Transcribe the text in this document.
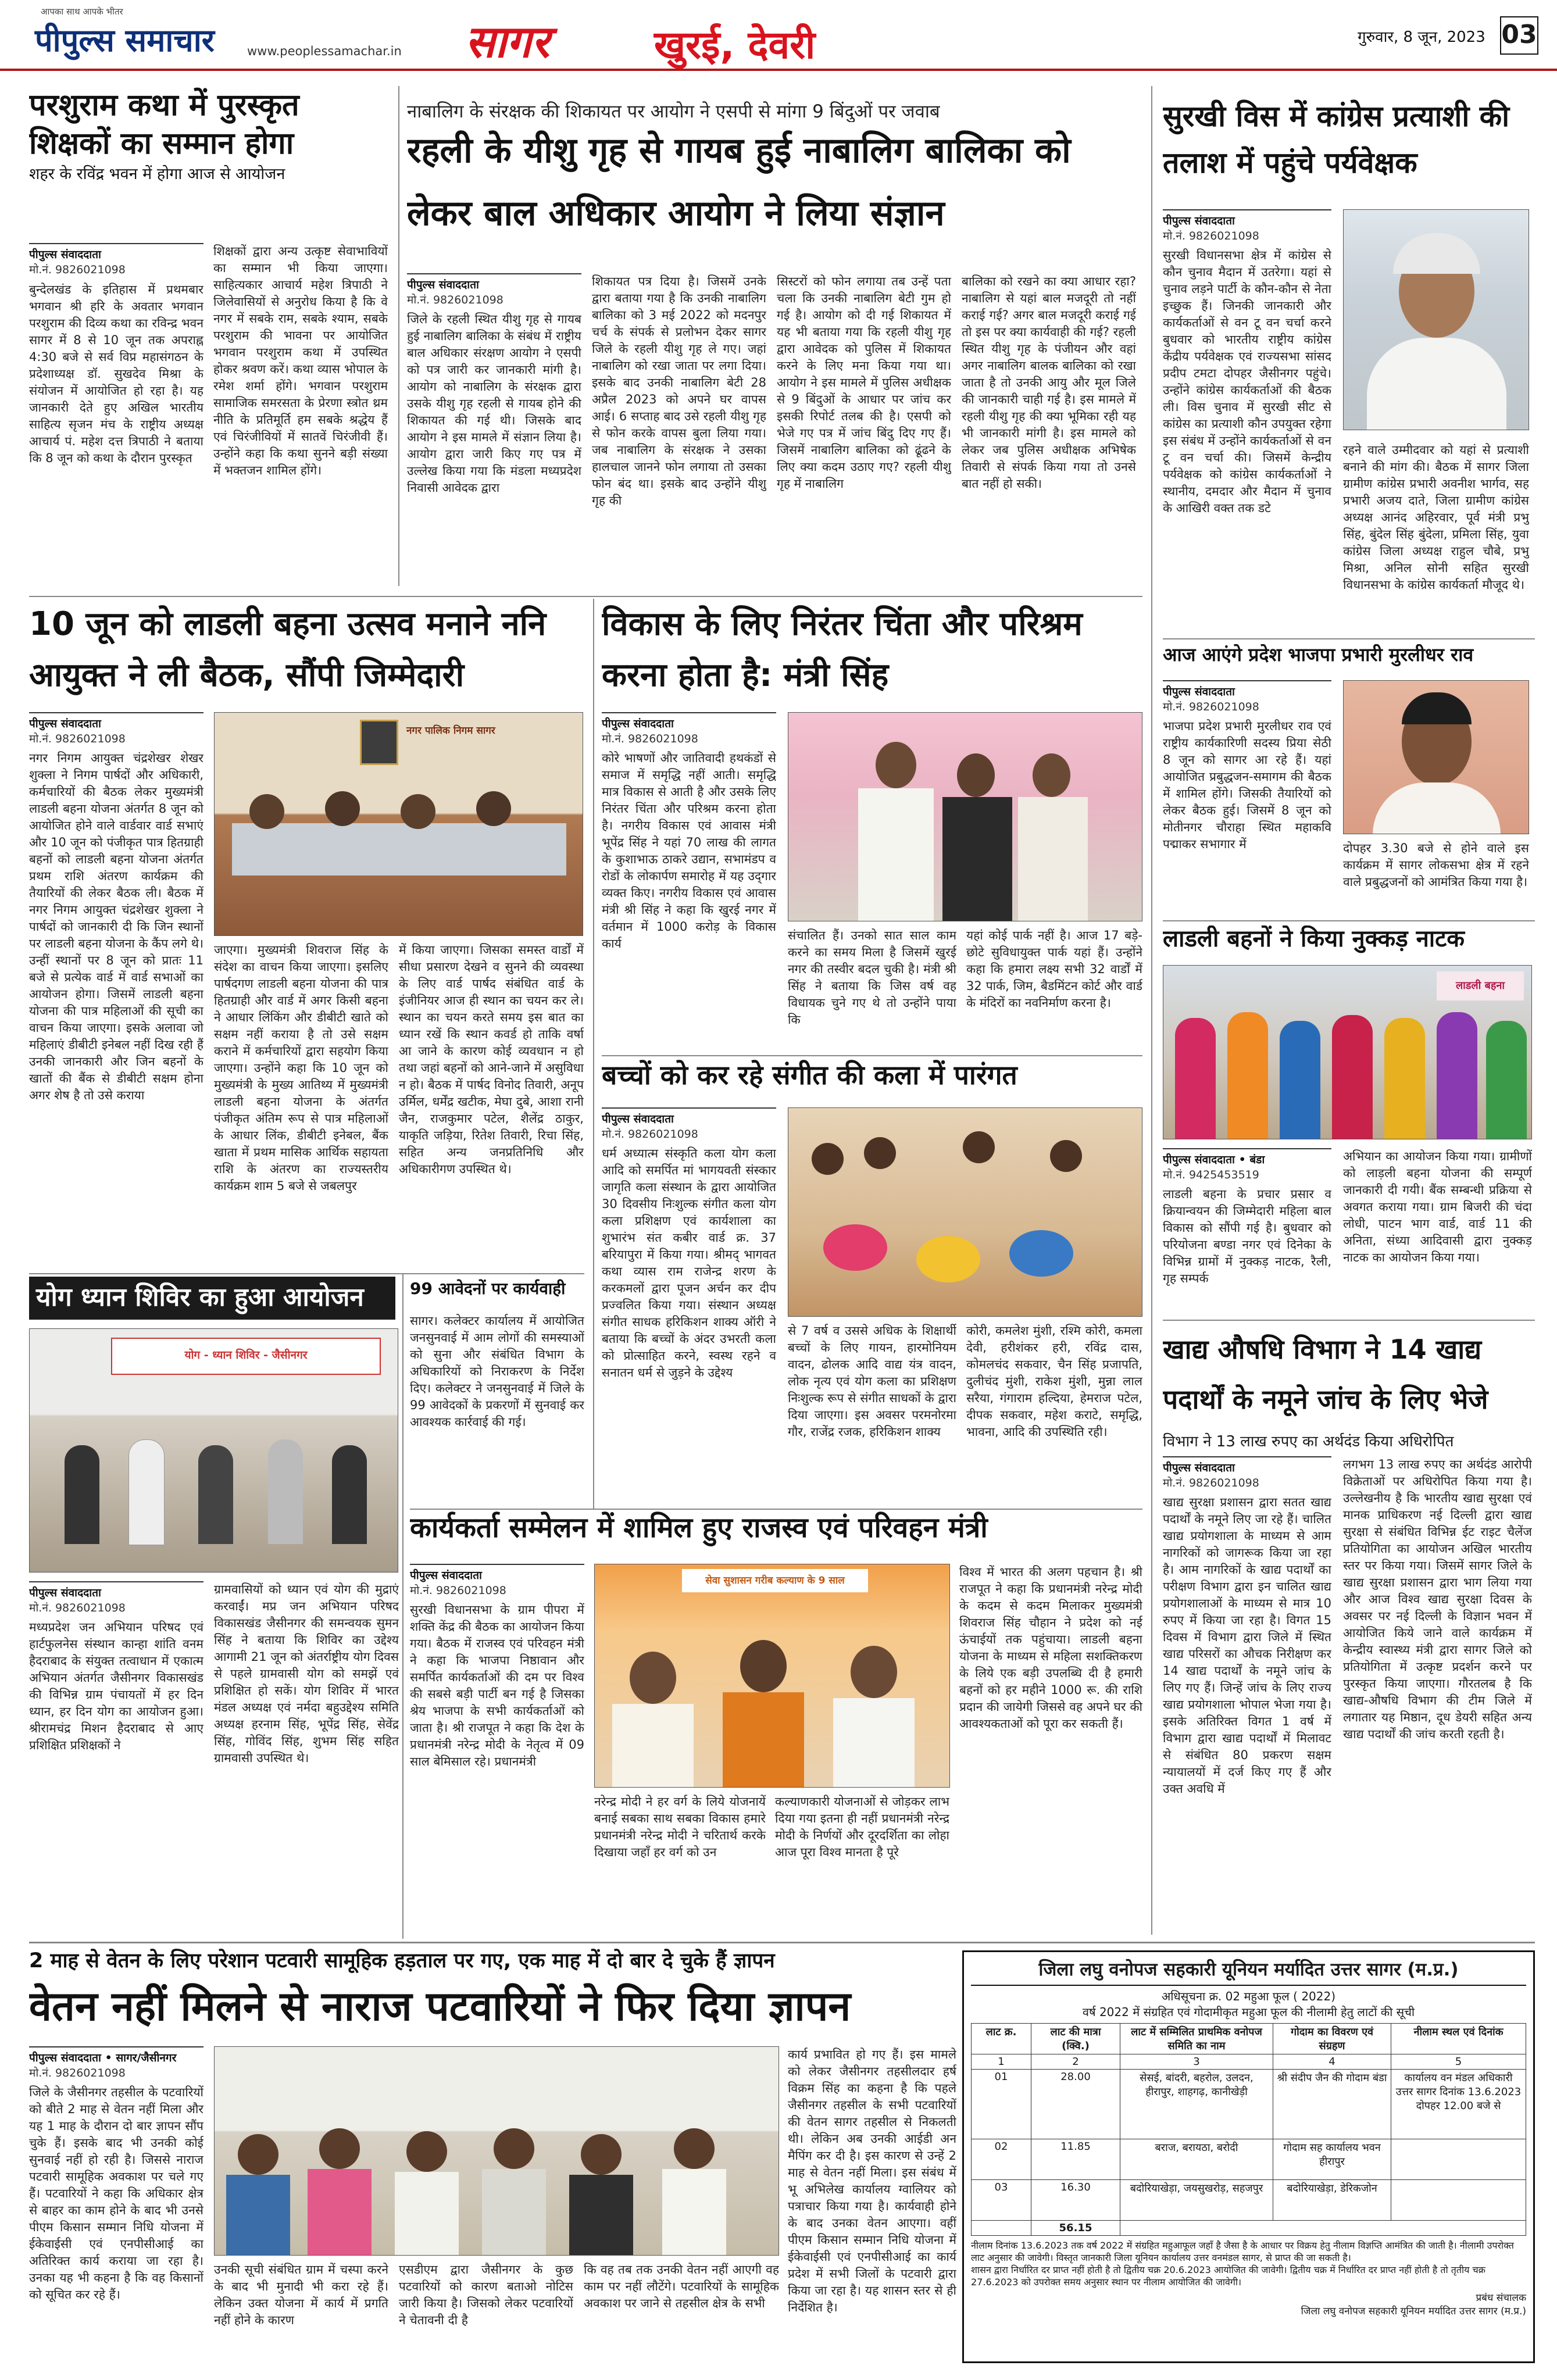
आपका साथ आपके भीतर
पीपुल्स समाचार	www.peoplessamachar.in सागर	खुरई, देवरी	गुरुवार, 8 जून, 2023 03
परशुराम कथा में पुरस्कृत शिक्षकों का सम्मान होगा
शहर के रविंद्र भवन में होगा आज से आयोजन
पीपुल्स संवाददाता
मो.नं. 9826021098

बुन्देलखंड के इतिहास में प्रथमबार भगवान श्री हरि के अवतार भगवान परशुराम की दिव्य कथा का रविन्द्र भवन सागर में 8 से 10 जून तक अपराह्न 4:30 बजे से सर्व विप्र महासंगठन के प्रदेशाध्यक्ष डॉ. सुखदेव मिश्रा के संयोजन में आयोजित हो रहा है। यह जानकारी देते हुए अखिल भारतीय साहित्य सृजन मंच के राष्ट्रीय अध्यक्ष आचार्य पं. महेश दत्त त्रिपाठी ने बताया कि 8 जून को कथा के दौरान पुरस्कृत

शिक्षकों द्वारा अन्य उत्कृष्ट सेवाभावियों का सम्मान भी किया जाएगा। साहित्यकार आचार्य महेश त्रिपाठी ने जिलेवासियों से अनुरोध किया है कि वे नगर में सबके राम, सबके श्याम, सबके परशुराम की भावना पर आयोजित भगवान परशुराम कथा में उपस्थित होकर श्रवण करें। कथा व्यास भोपाल के रमेश शर्मा होंगे। भगवान परशुराम सामाजिक समरसता के प्रेरणा स्त्रोत थ्रम नीति के प्रतिमूर्ति हम सबके श्रद्धेय हैं एवं चिरंजीवियों में सातवें चिरंजीवी हैं। उन्होंने कहा कि कथा सुनने बड़ी संख्या में भक्तजन शामिल होंगे।

नाबालिग के संरक्षक की शिकायत पर आयोग ने एसपी से मांगा 9 बिंदुओं पर जवाब
रहली के यीशु गृह से गायब हुई नाबालिग बालिका को लेकर बाल अधिकार आयोग ने लिया संज्ञान
पीपुल्स संवाददाता
मो.नं. 9826021098

जिले के रहली स्थित यीशु गृह से गायब हुई नाबालिग बालिका के संबंध में राष्ट्रीय बाल अधिकार संरक्षण आयोग ने एसपी को पत्र जारी कर जानकारी मांगी है। आयोग को नाबालिग के संरक्षक द्वारा उसके यीशु गृह रहली से गायब होने की शिकायत की गई थी। जिसके बाद आयोग ने इस मामले में संज्ञान लिया है। आयोग द्वारा जारी किए गए पत्र में उल्लेख किया गया कि मंडला मध्यप्रदेश निवासी आवेदक द्वारा

शिकायत पत्र दिया है। जिसमें उनके द्वारा बताया गया है कि उनकी नाबालिग बालिका को 3 मई 2022 को मदनपुर चर्च के संपर्क से प्रलोभन देकर सागर जिले के रहली यीशु गृह ले गए। जहां नाबालिग को रखा जाता पर लगा दिया। इसके बाद उनकी नाबालिग बेटी 28 अप्रैल 2023 को अपने घर वापस आई। 6 सप्ताह बाद उसे रहली यीशु गृह से फोन करके वापस बुला लिया गया। जब नाबालिग के संरक्षक ने उसका हालचाल जानने फोन लगाया तो उसका फोन बंद था। इसके बाद उन्होंने यीशु गृह की

सिस्टरों को फोन लगाया तब उन्हें पता चला कि उनकी नाबालिग बेटी गुम हो गई है। आयोग को दी गई शिकायत में यह भी बताया गया कि रहली यीशु गृह द्वारा आवेदक को पुलिस में शिकायत करने के लिए मना किया गया था। आयोग ने इस मामले में पुलिस अधीक्षक से 9 बिंदुओं के आधार पर जांच कर इसकी रिपोर्ट तलब की है। एसपी को भेजे गए पत्र में जांच बिंदु दिए गए हैं। जिसमें नाबालिग बालिका को ढूंढने के लिए क्या कदम उठाए गए? रहली यीशु गृह में नाबालिग

बालिका को रखने का क्या आधार रहा? नाबालिग से यहां बाल मजदूरी तो नहीं कराई गई? अगर बाल मजदूरी कराई गई तो इस पर क्या कार्यवाही की गई? रहली स्थित यीशु गृह के पंजीयन और वहां अगर नाबालिग बालक बालिका को रखा जाता है तो उनकी आयु और मूल जिले की जानकारी चाही गई है। इस मामले में रहली यीशु गृह की क्या भूमिका रही यह भी जानकारी मांगी है। इस मामले को लेकर जब पुलिस अधीक्षक अभिषेक तिवारी से संपर्क किया गया तो उनसे बात नहीं हो सकी।

सुरखी विस में कांग्रेस प्रत्याशी की तलाश में पहुंचे पर्यवेक्षक
पीपुल्स संवाददाता
मो.नं. 9826021098

सुरखी विधानसभा क्षेत्र में कांग्रेस से कौन चुनाव मैदान में उतरेगा। यहां से चुनाव लड़ने पार्टी के कौन-कौन से नेता इच्छुक हैं। जिनकी जानकारी और कार्यकर्ताओं से वन टू वन चर्चा करने बुधवार को भारतीय राष्ट्रीय कांग्रेस केंद्रीय पर्यवेक्षक एवं राज्यसभा सांसद प्रदीप टमटा दोपहर जैसीनगर पहुंचे। उन्होंने कांग्रेस कार्यकर्ताओं की बैठक ली। विस चुनाव में सुरखी सीट से कांग्रेस का प्रत्याशी कौन उपयुक्त रहेगा इस संबंध में उन्होंने कार्यकर्ताओं से वन टू वन चर्चा की। जिसमें केन्द्रीय पर्यवेक्षक को कांग्रेस कार्यकर्ताओं ने स्थानीय, दमदार और मैदान में चुनाव के आखिरी वक्त तक डटे

रहने वाले उम्मीदवार को यहां से प्रत्याशी बनाने की मांग की। बैठक में सागर जिला ग्रामीण कांग्रेस प्रभारी अवनीश भार्गव, सह प्रभारी अजय दाते, जिला ग्रामीण कांग्रेस अध्यक्ष आनंद अहिरवार, पूर्व मंत्री प्रभु सिंह, बुंदेल सिंह बुंदेला, प्रमिला सिंह, युवा कांग्रेस जिला अध्यक्ष राहुल चौबे, प्रभु मिश्रा, अनिल सोनी सहित सुरखी विधानसभा के कांग्रेस कार्यकर्ता मौजूद थे।

आज आएंगे प्रदेश भाजपा प्रभारी मुरलीधर राव
पीपुल्स संवाददाता
मो.नं. 9826021098

भाजपा प्रदेश प्रभारी मुरलीधर राव एवं राष्ट्रीय कार्यकारिणी सदस्य प्रिया सेठी 8 जून को सागर आ रहे हैं। यहां आयोजित प्रबुद्धजन-समागम की बैठक में शामिल होंगे। जिसकी तैयारियों को लेकर बैठक हुई। जिसमें 8 जून को मोतीनगर चौराहा स्थित महाकवि पद्माकर सभागार में	दोपहर 3.30 बजे से होने वाले इस कार्यक्रम में सागर लोकसभा क्षेत्र में रहने वाले प्रबुद्धजनों को आमंत्रित किया गया है।

10 जून को लाडली बहना उत्सव मनाने ननि आयुक्त ने ली बैठक, सौंपी जिम्मेदारी
पीपुल्स संवाददाता
मो.नं. 9826021098

नगर निगम आयुक्त चंद्रशेखर शेखर शुक्ला ने निगम पार्षदों और अधिकारी, कर्मचारियों की बैठक लेकर मुख्यमंत्री लाडली बहना योजना अंतर्गत 8 जून को आयोजित होने वाले वार्डवार वार्ड सभाएं और 10 जून को पंजीकृत पात्र हितग्राही बहनों को लाडली बहना योजना अंतर्गत प्रथम राशि अंतरण कार्यक्रम की तैयारियों की लेकर बैठक ली। बैठक में नगर निगम आयुक्त चंद्रशेखर शुक्ला ने पार्षदों को जानकारी दी कि जिन स्थानों पर लाडली बहना योजना के कैंप लगे थे। उन्हीं स्थानों पर 8 जून को प्रातः 11 बजे से प्रत्येक वार्ड में वार्ड सभाओं का आयोजन होगा। जिसमें लाडली बहना योजना की पात्र महिलाओं की सूची का वाचन किया जाएगा। इसके अलावा जो महिलाएं डीबीटी इनेबल नहीं दिख रही हैं उनकी जानकारी और जिन बहनों के खातों की बैंक से डीबीटी सक्षम होना अगर शेष है तो उसे कराया

नगर पालिक निगम सागर

जाएगा। मुख्यमंत्री शिवराज सिंह के संदेश का वाचन किया जाएगा। इसलिए पार्षदगण लाडली बहना योजना की पात्र हितग्राही और वार्ड में अगर किसी बहना ने आधार लिंकिंग और डीबीटी खाते को सक्षम नहीं कराया है तो उसे सक्षम कराने में कर्मचारियों द्वारा सहयोग किया जाएगा। उन्होंने कहा कि 10 जून को मुख्यमंत्री के मुख्य आतिथ्य में मुख्यमंत्री लाडली बहना योजना के अंतर्गत पंजीकृत अंतिम रूप से पात्र महिलाओं के आधार लिंक, डीबीटी इनेबल, बैंक खाता में प्रथम मासिक आर्थिक सहायता राशि के अंतरण का राज्यस्तरीय कार्यक्रम शाम 5 बजे से जबलपुर

में किया जाएगा। जिसका समस्त वार्डों में सीधा प्रसारण देखने व सुनने की व्यवस्था के लिए वार्ड पार्षद संबंधित वार्ड के इंजीनियर आज ही स्थान का चयन कर ले। स्थान का चयन करते समय इस बात का ध्यान रखें कि स्थान कवर्ड हो ताकि वर्षा आ जाने के कारण कोई व्यवधान न हो तथा जहां बहनों को आने-जाने में असुविधा न हो। बैठक में पार्षद विनोद तिवारी, अनूप उर्मिल, धर्मेंद्र खटीक, मेघा दुबे, आशा रानी जैन, राजकुमार पटेल, शैलेंद्र ठाकुर, याकृति जड़िया, रितेश तिवारी, रिचा सिंह, सहित अन्य जनप्रतिनिधि और अधिकारीगण उपस्थित थे।

विकास के लिए निरंतर चिंता और परिश्रम करना होता है: मंत्री सिंह
पीपुल्स संवाददाता
मो.नं. 9826021098

कोरे भाषणों और जातिवादी हथकंडों से समाज में समृद्धि नहीं आती। समृद्धि मात्र विकास से आती है और उसके लिए निरंतर चिंता और परिश्रम करना होता है। नगरीय विकास एवं आवास मंत्री भूपेंद्र सिंह ने यहां 70 लाख की लागत के कुशाभाऊ ठाकरे उद्यान, सभामंडप व रोडों के लोकार्पण समारोह में यह उद्‌गार व्यक्त किए। नगरीय विकास एवं आवास मंत्री श्री सिंह ने कहा कि खुरई नगर में वर्तमान में 1000 करोड़ के विकास कार्य

संचालित हैं। उनको सात साल काम करने का समय मिला है जिसमें खुरई नगर की तस्वीर बदल चुकी है। मंत्री श्री सिंह ने बताया कि जिस वर्ष वह विधायक चुने गए थे तो उन्होंने पाया कि

यहां कोई पार्क नहीं है। आज 17 बड़े-छोटे सुविधायुक्त पार्क यहां हैं। उन्होंने कहा कि हमारा लक्ष्य सभी 32 वार्डों में 32 पार्क, जिम, बैडमिंटन कोर्ट और वार्ड के मंदिरों का नवनिर्माण करना है।

लाडली बहनों ने किया नुक्कड़ नाटक
लाडली बहना
पीपुल्स संवाददाता • बंडा
मो.नं. 9425453519

लाडली बहना के प्रचार प्रसार व क्रियान्वयन की जिम्मेदारी महिला बाल विकास को सौंपी गई है। बुधवार को परियोजना बण्डा नगर एवं दिनेका के विभिन्न ग्रामों में नुक्कड़ नाटक, रैली, गृह सम्पर्क

अभियान का आयोजन किया गया। ग्रामीणों को लाड़ली बहना योजना की सम्पूर्ण जानकारी दी गयी। बैंक सम्बन्धी प्रक्रिया से अवगत कराया गया। ग्राम बिजरी की चंदा लोधी, पाटन भाग वार्ड, वार्ड 11 की अनिता, संध्या आदिवासी द्वारा नुक्कड़ नाटक का आयोजन किया गया।

बच्चों को कर रहे संगीत की कला में पारंगत
पीपुल्स संवाददाता
मो.नं. 9826021098

धर्म अध्यात्म संस्कृति कला योग कला आदि को समर्पित मां भागयवती संस्कार जागृति कला संस्थान के द्वारा आयोजित 30 दिवसीय निःशुल्क संगीत कला योग कला प्रशिक्षण एवं कार्यशाला का शुभारंभ संत कबीर वार्ड क्र. 37 बरियापुरा में किया गया। श्रीमद् भागवत कथा व्यास राम राजेन्द्र शरण के करकमलों द्वारा पूजन अर्चन कर दीप प्रज्वलित किया गया। संस्थान अध्यक्ष संगीत साधक हरिकिशन शाक्य ऑरी ने बताया कि बच्चों के अंदर उभरती कला को प्रोत्साहित करने, स्वस्थ रहने व सनातन धर्म से जुड़ने के उद्देश्य

से 7 वर्ष व उससे अधिक के शिक्षार्थी बच्चों के लिए गायन, हारमोनियम वादन, ढोलक आदि वाद्य यंत्र वादन, लोक नृत्य एवं योग कला का प्रशिक्षण निःशुल्क रूप से संगीत साधकों के द्वारा दिया जाएगा। इस अवसर परमनोरमा गौर, राजेंद्र रजक, हरिकिशन शाक्य

कोरी, कमलेश मुंशी, रश्मि कोरी, कमला देवी, हरीशंकर हरी, रविंद्र दास, कोमलचंद सकवार, चैन सिंह प्रजापति, दुलीचंद मुंशी, राकेश मुंशी, मुन्ना लाल सरैया, गंगाराम हल्दिया, हेमराज पटेल, दीपक सकवार, महेश कराटे, समृद्धि, भावना, आदि की उपस्थिति रही।

योग ध्यान शिविर का हुआ आयोजन
योग - ध्यान शिविर - जैसीनगर
पीपुल्स संवाददाता
मो.नं. 9826021098

मध्यप्रदेश जन अभियान परिषद एवं हार्टफुलनेस संस्थान कान्हा शांति वनम हैदराबाद के संयुक्त तत्वाधान में एकात्म अभियान अंतर्गत जैसीनगर विकासखंड की विभिन्न ग्राम पंचायतों में हर दिन ध्यान, हर दिन योग का आयोजन हुआ। श्रीरामचंद्र मिशन हैदराबाद से आए प्रशिक्षित प्रशिक्षकों ने

ग्रामवासियों को ध्यान एवं योग की मुद्राएं करवाईं। मप्र जन अभियान परिषद विकासखंड जैसीनगर की समन्वयक सुमन सिंह ने बताया कि शिविर का उद्देश्य आगामी 21 जून को अंतर्राष्ट्रीय योग दिवस से पहले ग्रामवासी योग को समझें एवं प्रशिक्षित हो सकें। योग शिविर में भारत मंडल अध्यक्ष एवं नर्मदा बहुउद्देश्य समिति अध्यक्ष हरनाम सिंह, भूपेंद्र सिंह, सेवेंद्र सिंह, गोविंद सिंह, शुभम सिंह सहित ग्रामवासी उपस्थित थे।

99 आवेदनों पर कार्यवाही

सागर। कलेक्टर कार्यालय में आयोजित जनसुनवाई में आम लोगों की समस्याओं को सुना और संबंधित विभाग के अधिकारियों को निराकरण के निर्देश दिए। कलेक्टर ने जनसुनवाई में जिले के 99 आवेदकों के प्रकरणों में सुनवाई कर आवश्यक कार्रवाई की गई।

कार्यकर्ता सम्मेलन में शामिल हुए राजस्व एवं परिवहन मंत्री
पीपुल्स संवाददाता
मो.नं. 9826021098

सुरखी विधानसभा के ग्राम पीपरा में शक्ति केंद्र की बैठक का आयोजन किया गया। बैठक में राजस्व एवं परिवहन मंत्री ने कहा कि भाजपा निष्ठावान और समर्पित कार्यकर्ताओं की दम पर विश्व की सबसे बड़ी पार्टी बन गई है जिसका श्रेय भाजपा के सभी कार्यकर्ताओं को जाता है। श्री राजपूत ने कहा कि देश के प्रधानमंत्री नरेन्द्र मोदी के नेतृत्व में 09 साल बेमिसाल रहे। प्रधानमंत्री

सेवा सुशासन गरीब कल्याण के 9 साल

नरेन्द्र मोदी ने हर वर्ग के लिये योजनायें बनाई सबका साथ सबका विकास हमारे प्रधानमंत्री नरेन्द्र मोदी ने चरितार्थ करके दिखाया जहाँ हर वर्ग को उन

कल्याणकारी योजनाओं से जोड़कर लाभ दिया गया इतना ही नहीं प्रधानमंत्री नरेन्द्र मोदी के निर्णयों और दूरदर्शिता का लोहा आज पूरा विश्व मानता है पूरे

विश्व में भारत की अलग पहचान है। श्री राजपूत ने कहा कि प्रधानमंत्री नरेन्द्र मोदी के कदम से कदम मिलाकर मुख्यमंत्री शिवराज सिंह चौहान ने प्रदेश को नई ऊंचाईयों तक पहुंचाया। लाडली बहना योजना के माध्यम से महिला सशक्तिकरण के लिये एक बड़ी उपलब्धि दी है हमारी बहनों को हर महीने 1000 रू. की राशि प्रदान की जायेगी जिससे वह अपने घर की आवश्यकताओं को पूरा कर सकती हैं।

खाद्य औषधि विभाग ने 14 खाद्य पदार्थों के नमूने जांच के लिए भेजे
विभाग ने 13 लाख रुपए का अर्थदंड किया अधिरोपित
पीपुल्स संवाददाता
मो.नं. 9826021098

खाद्य सुरक्षा प्रशासन द्वारा सतत खाद्य पदार्थों के नमूने लिए जा रहे हैं। चालित खाद्य प्रयोगशाला के माध्यम से आम नागरिकों को जागरूक किया जा रहा है। आम नागरिकों के खाद्य पदार्थों का परीक्षण विभाग द्वारा इन चालित खाद्य प्रयोगशालाओं के माध्यम से मात्र 10 रुपए में किया जा रहा है। विगत 15 दिवस में विभाग द्वारा जिले में स्थित खाद्य परिसरों का औचक निरीक्षण कर 14 खाद्य पदार्थों के नमूने जांच के लिए गए हैं। जिन्हें जांच के लिए राज्य खाद्य प्रयोगशाला भोपाल भेजा गया है। इसके अतिरिक्त विगत 1 वर्ष में विभाग द्वारा खाद्य पदार्थों में मिलावट से संबंधित 80 प्रकरण सक्षम न्यायालयों में दर्ज किए गए हैं और उक्त अवधि में

लगभग 13 लाख रुपए का अर्थदंड आरोपी विक्रेताओं पर अधिरोपित किया गया है। उल्लेखनीय है कि भारतीय खाद्य सुरक्षा एवं मानक प्राधिकरण नई दिल्ली द्वारा खाद्य सुरक्षा से संबंधित विभिन्न ईट राइट चैलेंज प्रतियोगिता का आयोजन अखिल भारतीय स्तर पर किया गया। जिसमें सागर जिले के खाद्य सुरक्षा प्रशासन द्वारा भाग लिया गया और आज विश्व खाद्य सुरक्षा दिवस के अवसर पर नई दिल्ली के विज्ञान भवन में आयोजित किये जाने वाले कार्यक्रम में केन्द्रीय स्वास्थ्य मंत्री द्वारा सागर जिले को प्रतियोगिता में उत्कृष्ट प्रदर्शन करने पर पुरस्कृत किया जाएगा। गौरतलब है कि खाद्य-औषधि विभाग की टीम जिले में लगातार यह मिष्ठान, दूध डेयरी सहित अन्य खाद्य पदार्थों की जांच करती रहती है।

2 माह से वेतन के लिए परेशान पटवारी सामूहिक हड़ताल पर गए, एक माह में दो बार दे चुके हैं ज्ञापन
वेतन नहीं मिलने से नाराज पटवारियों ने फिर दिया ज्ञापन
पीपुल्स संवाददाता • सागर/जैसीनगर
मो.नं. 9826021098

जिले के जैसीनगर तहसील के पटवारियों को बीते 2 माह से वेतन नहीं मिला और यह 1 माह के दौरान दो बार ज्ञापन सौंप चुके हैं। इसके बाद भी उनकी कोई सुनवाई नहीं हो रही है। जिससे नाराज पटवारी सामूहिक अवकाश पर चले गए हैं। पटवारियों ने कहा कि अधिकार क्षेत्र से बाहर का काम होने के बाद भी उनसे पीएम किसान सम्मान निधि योजना में ईकेवाईसी एवं एनपीसीआई का अतिरिक्त कार्य कराया जा रहा है। उनका यह भी कहना है कि वह किसानों को सूचित कर रहे हैं।

उनकी सूची संबंधित ग्राम में चस्पा करने के बाद भी मुनादी भी करा रहे हैं। लेकिन उक्त योजना में कार्य में प्रगति नहीं होने के कारण

एसडीएम द्वारा जैसीनगर के कुछ पटवारियों को कारण बताओ नोटिस जारी किया है। जिसको लेकर पटवारियों ने चेतावनी दी है

कि वह तब तक उनकी वेतन नहीं आएगी वह काम पर नहीं लौटेंगे। पटवारियों के सामूहिक अवकाश पर जाने से तहसील क्षेत्र के सभी

कार्य प्रभावित हो गए हैं। इस मामले को लेकर जैसीनगर तहसीलदार हर्ष विक्रम सिंह का कहना है कि पहले जैसीनगर तहसील के सभी पटवारियों की वेतन सागर तहसील से निकलती थी। लेकिन अब उनकी आईडी अन मैपिंग कर दी है। इस कारण से उन्हें 2 माह से वेतन नहीं मिला। इस संबंध में भू अभिलेख कार्यालय ग्वालियर को पत्राचार किया गया है। कार्यवाही होने के बाद उनका वेतन आएगा। वहीं पीएम किसान सम्मान निधि योजना में ईकेवाईसी एवं एनपीसीआई का कार्य प्रदेश में सभी जिलों के पटवारी द्वारा किया जा रहा है। यह शासन स्तर से ही निर्देशित है।

जिला लघु वनोपज सहकारी यूनियन मर्यादित उत्तर सागर (म.प्र.)
अधिसूचना क्र. 02 महुआ फूल ( 2022)
वर्ष 2022 में संग्रहित एवं गोदामीकृत महुआ फूल की नीलामी हेतु लाटों की सूची
लाट क्र.	लाट की मात्रा (क्वि.)	लाट में सम्मिलित प्राथमिक वनोपज समिति का नाम	गोदाम का विवरण एवं संग्रहण	नीलाम स्थल एवं दिनांक
1	2	3	4	5
01	28.00	सेसई, बांदरी, बहरोल, उलदन, हीरापुर, शाहगढ़, कानीखेड़ी	श्री संदीप जैन की गोदाम बंडा	कार्यालय वन मंडल अधिकारी उत्तर सागर दिनांक 13.6.2023 दोपहर 12.00 बजे से
02	11.85	बराज, बरायठा, बरोदी	गोदाम सह कार्यालय भवन हीरापुर	
03	16.30	बदोरियाखेड़ा, जयसुखरोड़, सहजपुर	बदोरियाखेड़ा, डेरिकजोन	
	56.15			
नीलाम दिनांक 13.6.2023 तक वर्ष 2022 में संग्रहित महुआफूल जहाँ है जैसा है के आधार पर विक्रय हेतु नीलाम विज्ञप्ति आमंत्रित की जाती है। नीलामी उपरोक्त लाट अनुसार की जावेगी। विस्तृत जानकारी जिला यूनियन कार्यालय उत्तर वनमंडल सागर, से प्राप्त की जा सकती है।
शासन द्वारा निर्धारित दर प्राप्त नहीं होती है तो द्वितीय चक्र 20.6.2023 आयोजित की जावेगी। द्वितीय चक्र में निर्धारित दर प्राप्त नहीं होती है तो तृतीय चक्र 27.6.2023 को उपरोक्त समय अनुसार स्थान पर नीलाम आयोजित की जावेगी।
प्रबंध संचालक
जिला लघु वनोपज सहकारी यूनियन मर्यादित उत्तर सागर (म.प्र.)
